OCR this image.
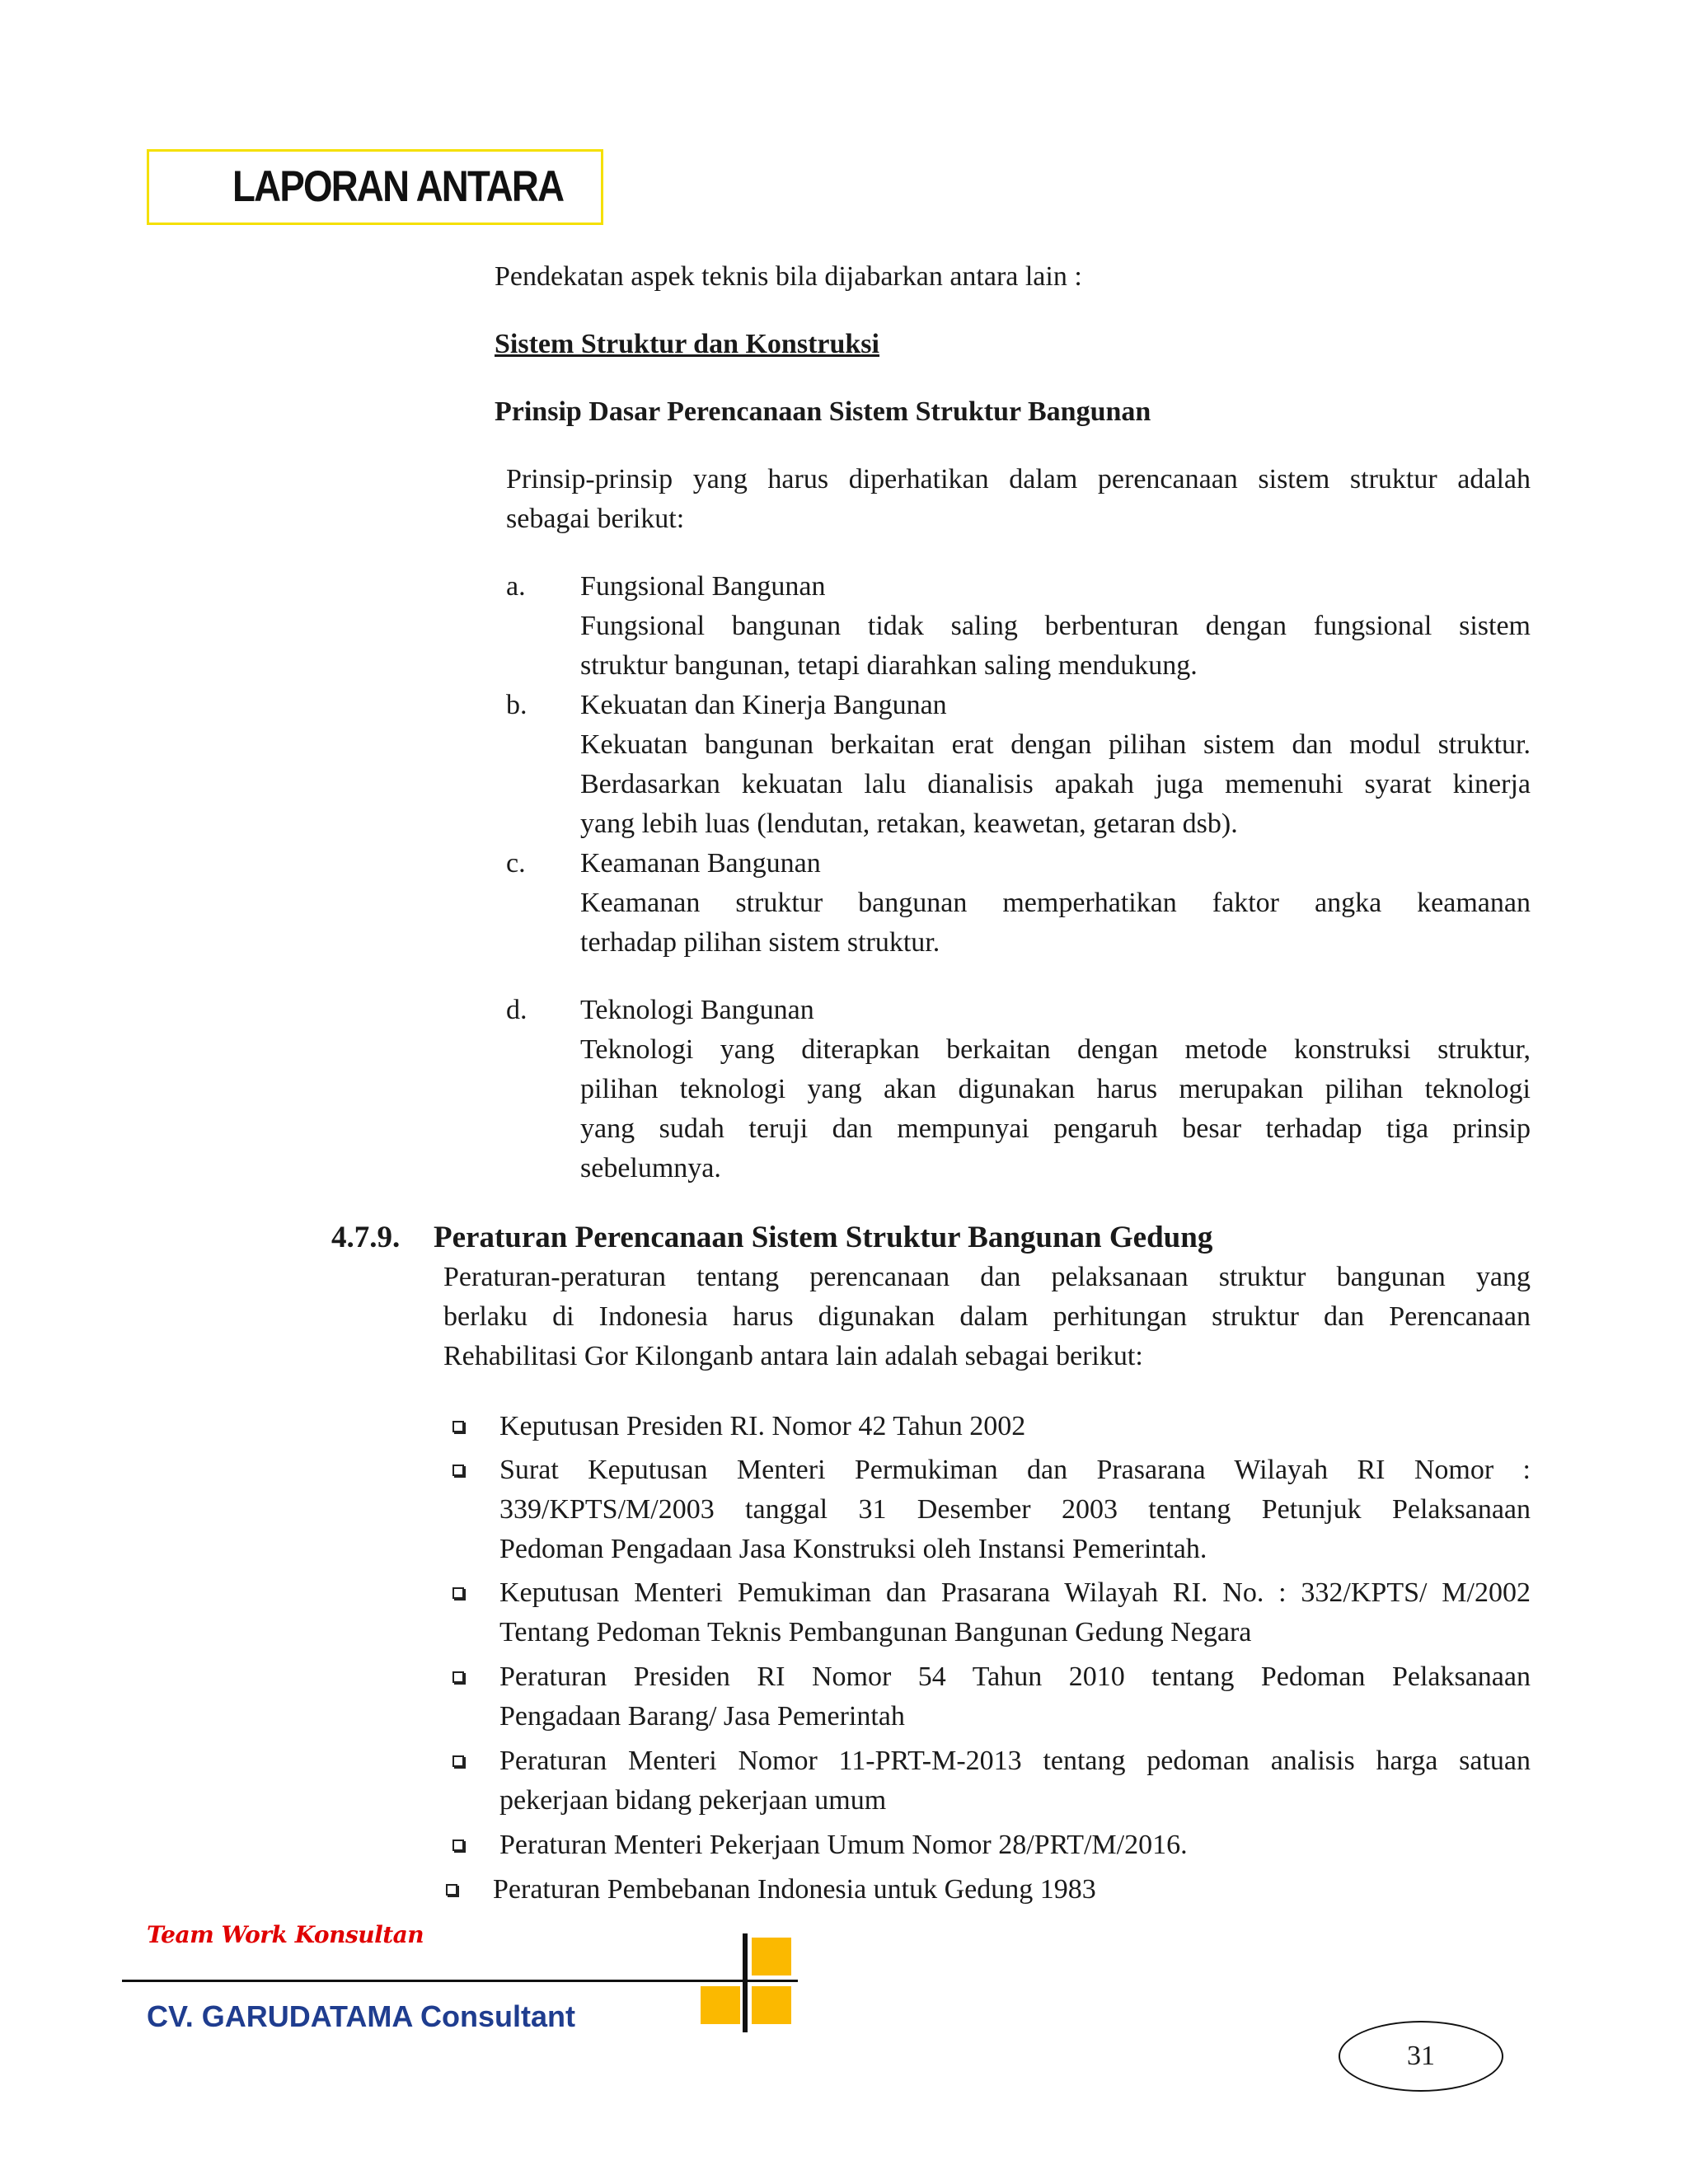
LAPORAN ANTARA
Pendekatan aspek teknis bila dijabarkan antara lain :
Sistem Struktur dan Konstruksi
Prinsip Dasar Perencanaan Sistem Struktur Bangunan
Prinsip-prinsip yang harus diperhatikan dalam perencanaan sistem struktur adalah
sebagai berikut:
a. Fungsional Bangunan
Fungsional bangunan tidak saling berbenturan dengan fungsional sistem
struktur bangunan, tetapi diarahkan saling mendukung.
b. Kekuatan dan Kinerja Bangunan
Kekuatan bangunan berkaitan erat dengan pilihan sistem dan modul struktur.
Berdasarkan kekuatan lalu dianalisis apakah juga memenuhi syarat kinerja
yang lebih luas (lendutan, retakan, keawetan, getaran dsb).
c. Keamanan Bangunan
Keamanan struktur bangunan memperhatikan faktor angka keamanan
terhadap pilihan sistem struktur.
d. Teknologi Bangunan
Teknologi yang diterapkan berkaitan dengan metode konstruksi struktur,
pilihan teknologi yang akan digunakan harus merupakan pilihan teknologi
yang sudah teruji dan mempunyai pengaruh besar terhadap tiga prinsip
sebelumnya.
4.7.9. Peraturan Perencanaan Sistem Struktur Bangunan Gedung
Peraturan-peraturan tentang perencanaan dan pelaksanaan struktur bangunan yang
berlaku di Indonesia harus digunakan dalam perhitungan struktur dan Perencanaan
Rehabilitasi Gor Kilonganb antara lain adalah sebagai berikut:
Keputusan Presiden RI. Nomor 42 Tahun 2002
Surat Keputusan Menteri Permukiman dan Prasarana Wilayah RI Nomor :
339/KPTS/M/2003 tanggal 31 Desember 2003 tentang Petunjuk Pelaksanaan
Pedoman Pengadaan Jasa Konstruksi oleh Instansi Pemerintah.
Keputusan Menteri Pemukiman dan Prasarana Wilayah RI. No. : 332/KPTS/ M/2002
Tentang Pedoman Teknis Pembangunan Bangunan Gedung Negara
Peraturan Presiden RI Nomor 54 Tahun 2010 tentang Pedoman Pelaksanaan
Pengadaan Barang/ Jasa Pemerintah
Peraturan Menteri Nomor 11-PRT-M-2013 tentang pedoman analisis harga satuan
pekerjaan bidang pekerjaan umum
Peraturan Menteri Pekerjaan Umum Nomor 28/PRT/M/2016.
Peraturan Pembebanan Indonesia untuk Gedung 1983
Team Work Konsultan
CV. GARUDATAMA Consultant
31
